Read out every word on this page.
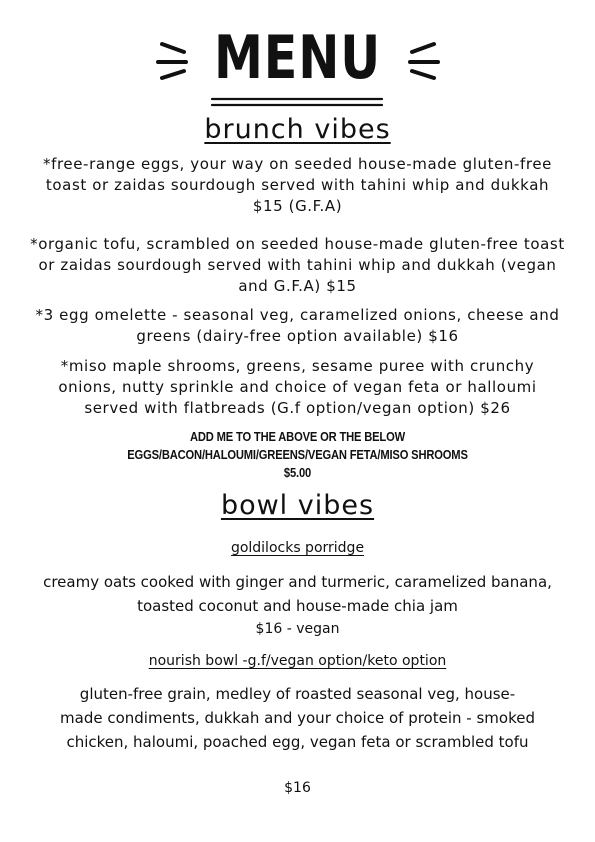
MENU
brunch vibes
*free-range eggs, your way on seeded house-made gluten-free toast or zaidas sourdough served with tahini whip and dukkah $15 (G.F.A)
*organic tofu, scrambled on seeded house-made gluten-free toast or zaidas sourdough served with tahini whip and dukkah (vegan and G.F.A) $15
*3 egg omelette - seasonal veg, caramelized onions, cheese and greens (dairy-free option available) $16
*miso maple shrooms, greens, sesame puree with crunchy onions, nutty sprinkle and choice of vegan feta or halloumi served with flatbreads (G.f option/vegan option) $26
ADD ME TO THE ABOVE OR THE BELOW
EGGS/BACON/HALOUMI/GREENS/VEGAN FETA/MISO SHROOMS
$5.00
bowl vibes
goldilocks porridge
creamy oats cooked with ginger and turmeric, caramelized banana, toasted coconut and house-made chia jam
$16 - vegan
nourish bowl -g.f/vegan option/keto option
gluten-free grain, medley of roasted seasonal veg, house-made condiments, dukkah and your choice of protein - smoked chicken, haloumi, poached egg, vegan feta or scrambled tofu
$16
